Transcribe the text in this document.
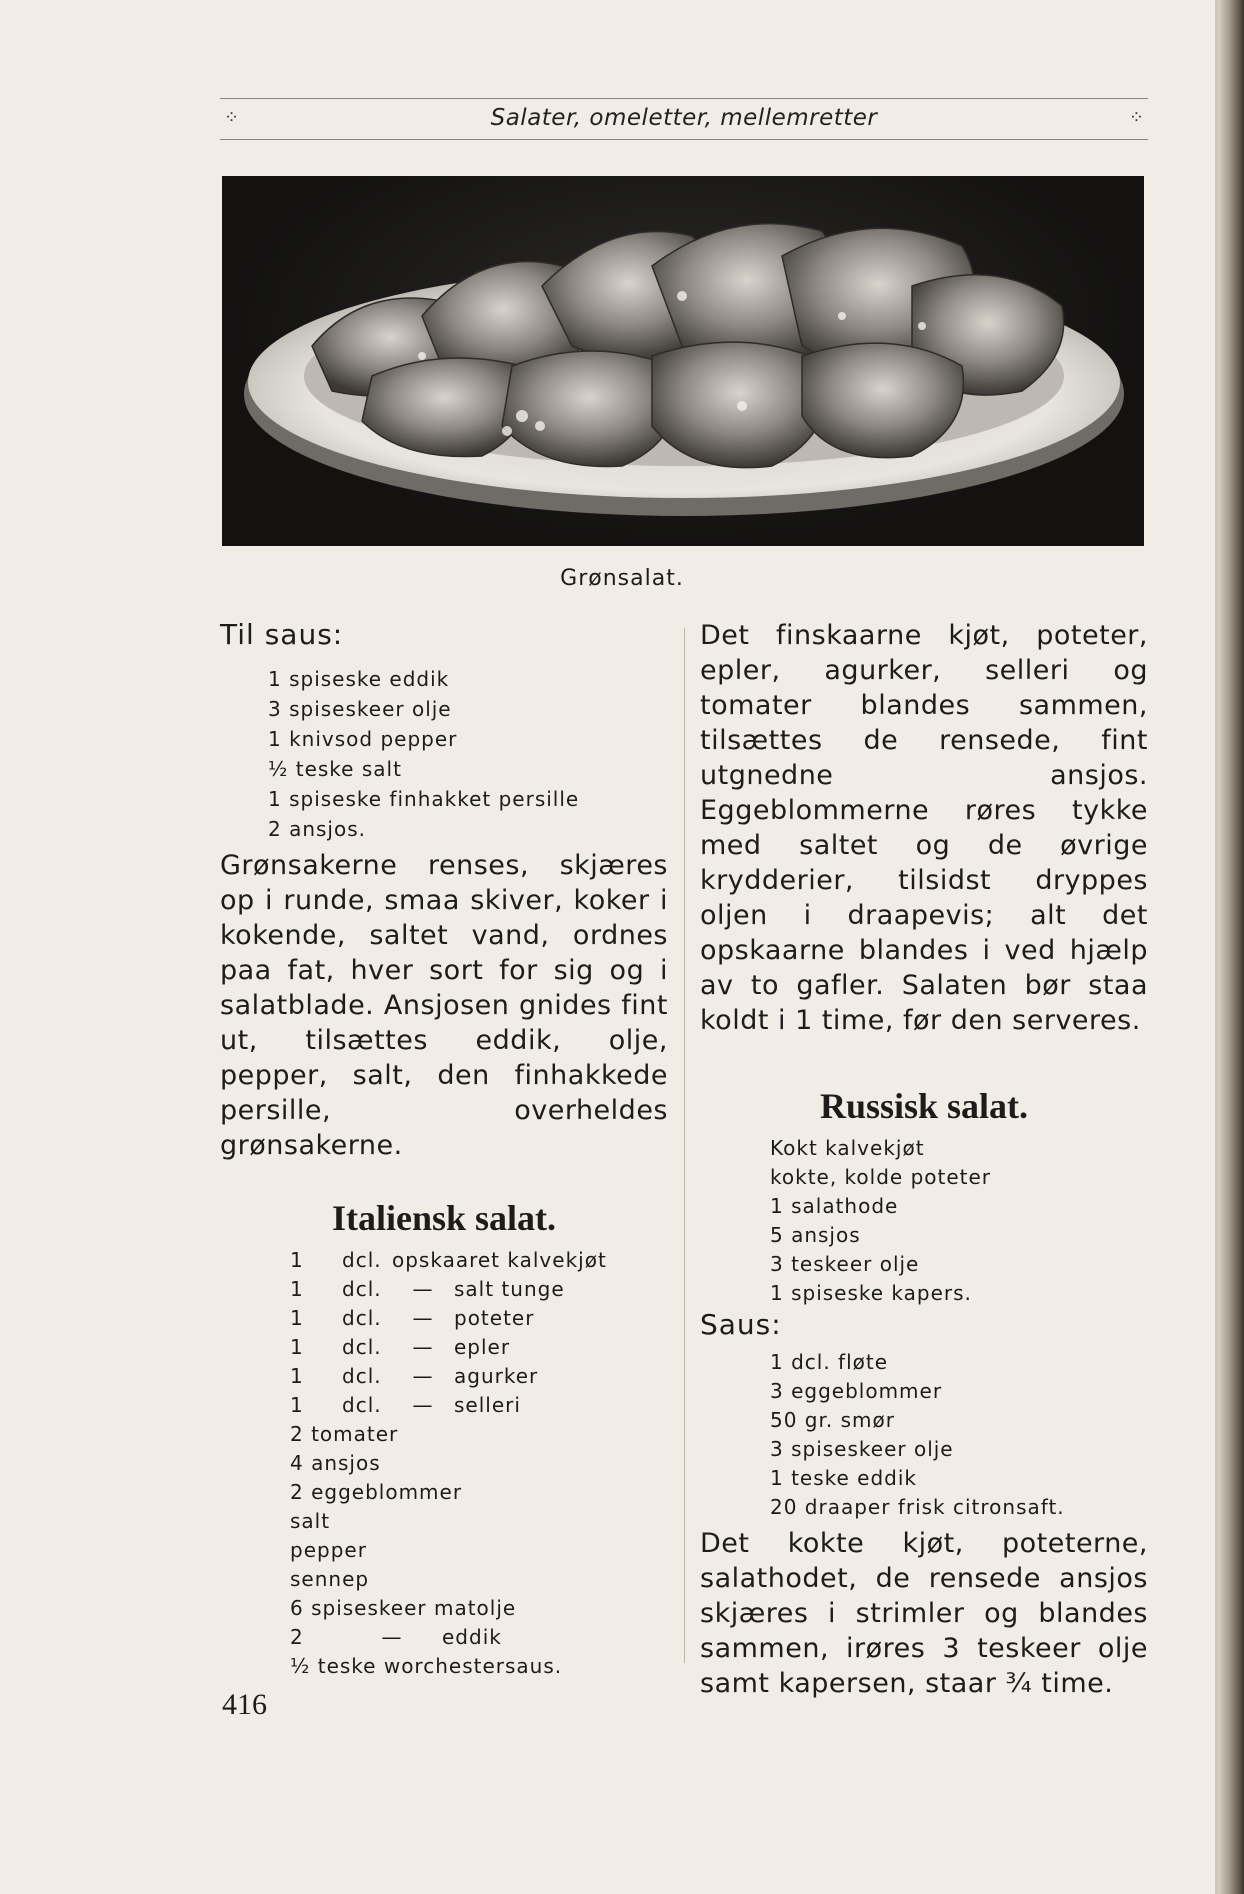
⁘	Salater, omeletter, mellemretter	⁘
Grønsalat.
Til saus:
1 spiseske eddik
3 spiseskeer olje
1 knivsod pepper
½ teske salt
1 spiseske finhakket persille
2 ansjos.

Grønsakerne renses, skjæres op i runde, smaa skiver, koker i kokende, saltet vand, ordnes paa fat, hver sort for sig og i salatblade. Ansjosen gnides fint ut, tilsættes eddik, olje, pepper, salt, den finhakkede persille, overheldes grønsakerne.

Italiensk salat.
1	dcl. opskaaret kalvekjøt
1	dcl.	— salt tunge
1	dcl.	— poteter
1	dcl.	— epler
1	dcl.	— agurker
1	dcl.	— selleri
2 tomater
4 ansjos
2 eggeblommer
salt
pepper
sennep
6 spiseskeer matolje
2	— eddik
½ teske worchestersaus.
416

Det finskaarne kjøt, poteter, epler, agurker, selleri og tomater blandes sammen, tilsættes de rensede, fint utgnedne ansjos. Eggeblommerne røres tykke med saltet og de øvrige krydderier, tilsidst dryppes oljen i draapevis; alt det opskaarne blandes i ved hjælp av to gafler. Salaten bør staa koldt i 1 time, før den serveres.

Russisk salat.
Kokt kalvekjøt
kokte, kolde poteter
1 salathode
5 ansjos
3 teskeer olje
1 spiseske kapers.
Saus:
1 dcl. fløte
3 eggeblommer
50 gr. smør
3 spiseskeer olje
1 teske eddik
20 draaper frisk citronsaft.

Det kokte kjøt, poteterne, salathodet, de rensede ansjos skjæres i strimler og blandes sammen, irøres 3 teskeer olje samt kapersen, staar ¾ time.
